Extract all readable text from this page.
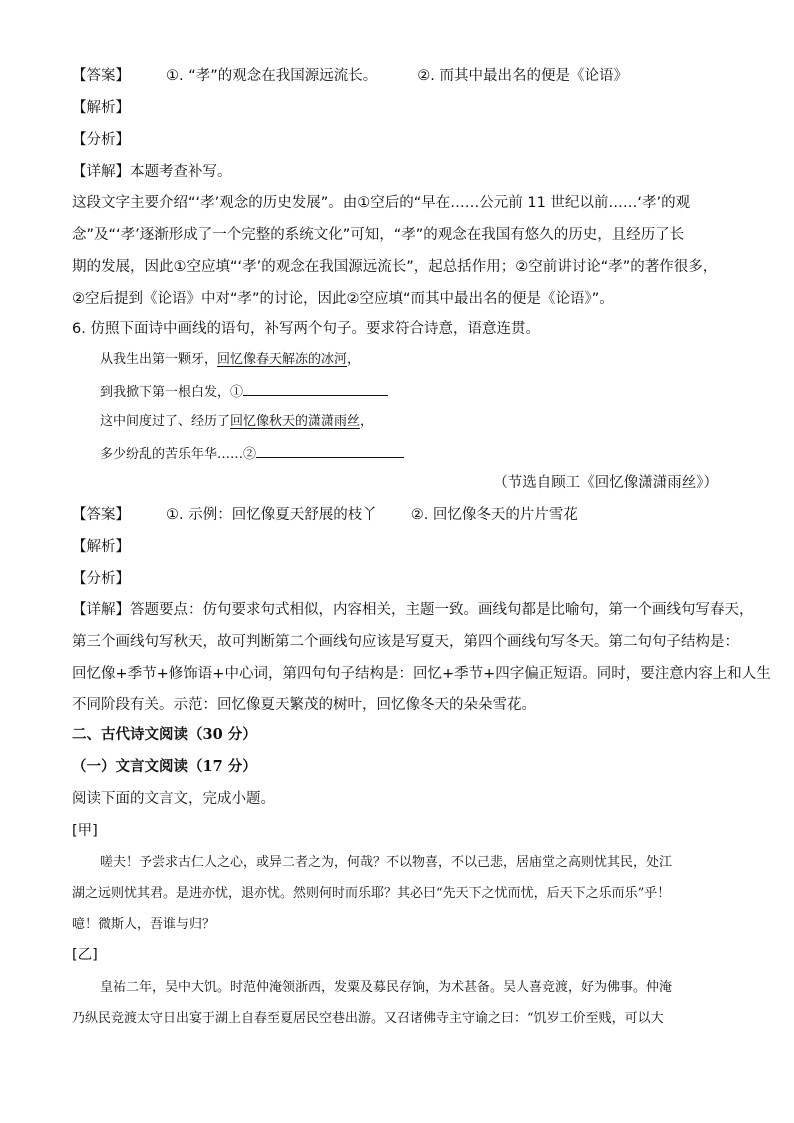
【答案】 ①. “孝”的观念在我国源远流长。	②. 而其中最出名的便是《论语》
【解析】
【分析】
【详解】本题考查补写。
这段文字主要介绍“‘孝’观念的历史发展”。由①空后的“早在……公元前 11 世纪以前……‘孝’的观
念”及“‘孝’逐渐形成了一个完整的系统文化”可知，“孝”的观念在我国有悠久的历史，且经历了长
期的发展，因此①空应填“‘孝’的观念在我国源远流长”，起总括作用；②空前讲讨论“孝”的著作很多，
②空后提到《论语》中对“孝”的讨论，因此②空应填“而其中最出名的便是《论语》”。
6. 仿照下面诗中画线的语句，补写两个句子。要求符合诗意，语意连贯。
从我生出第一颗牙，回忆像春天解冻的冰河，
到我掀下第一根白发，①
这中间度过了、经历了回忆像秋天的潇潇雨丝，
多少纷乱的苦乐年华……②
（节选自顾工《回忆像潇潇雨丝》）
【答案】 ①. 示例：回忆像夏天舒展的枝丫 ②. 回忆像冬天的片片雪花
【解析】
【分析】
【详解】答题要点：仿句要求句式相似，内容相关，主题一致。画线句都是比喻句，第一个画线句写春天，
第三个画线句写秋天，故可判断第二个画线句应该是写夏天，第四个画线句写冬天。第二句句子结构是：
回忆像+季节+修饰语+中心词，第四句句子结构是：回忆+季节+四字偏正短语。同时，要注意内容上和人生
不同阶段有关。示范：回忆像夏天繁茂的树叶，回忆像冬天的朵朵雪花。
二、古代诗文阅读（30 分）
（一）文言文阅读（17 分）
阅读下面的文言文，完成小题。
[甲]
嗟夫！予尝求古仁人之心，或异二者之为，何哉？不以物喜，不以己悲，居庙堂之高则忧其民，处江
湖之远则忧其君。是进亦忧，退亦忧。然则何时而乐耶？其必曰“先天下之忧而忧，后天下之乐而乐”乎！
噫！微斯人，吾谁与归？
[乙]
皇祐二年，吴中大饥。时范仲淹领浙西，发粟及募民存饷，为术甚备。吴人喜竞渡，好为佛事。仲淹
乃纵民竞渡太守日出宴于湖上自春至夏居民空巷出游。又召诸佛寺主守谕之曰：“饥岁工价至贱，可以大
